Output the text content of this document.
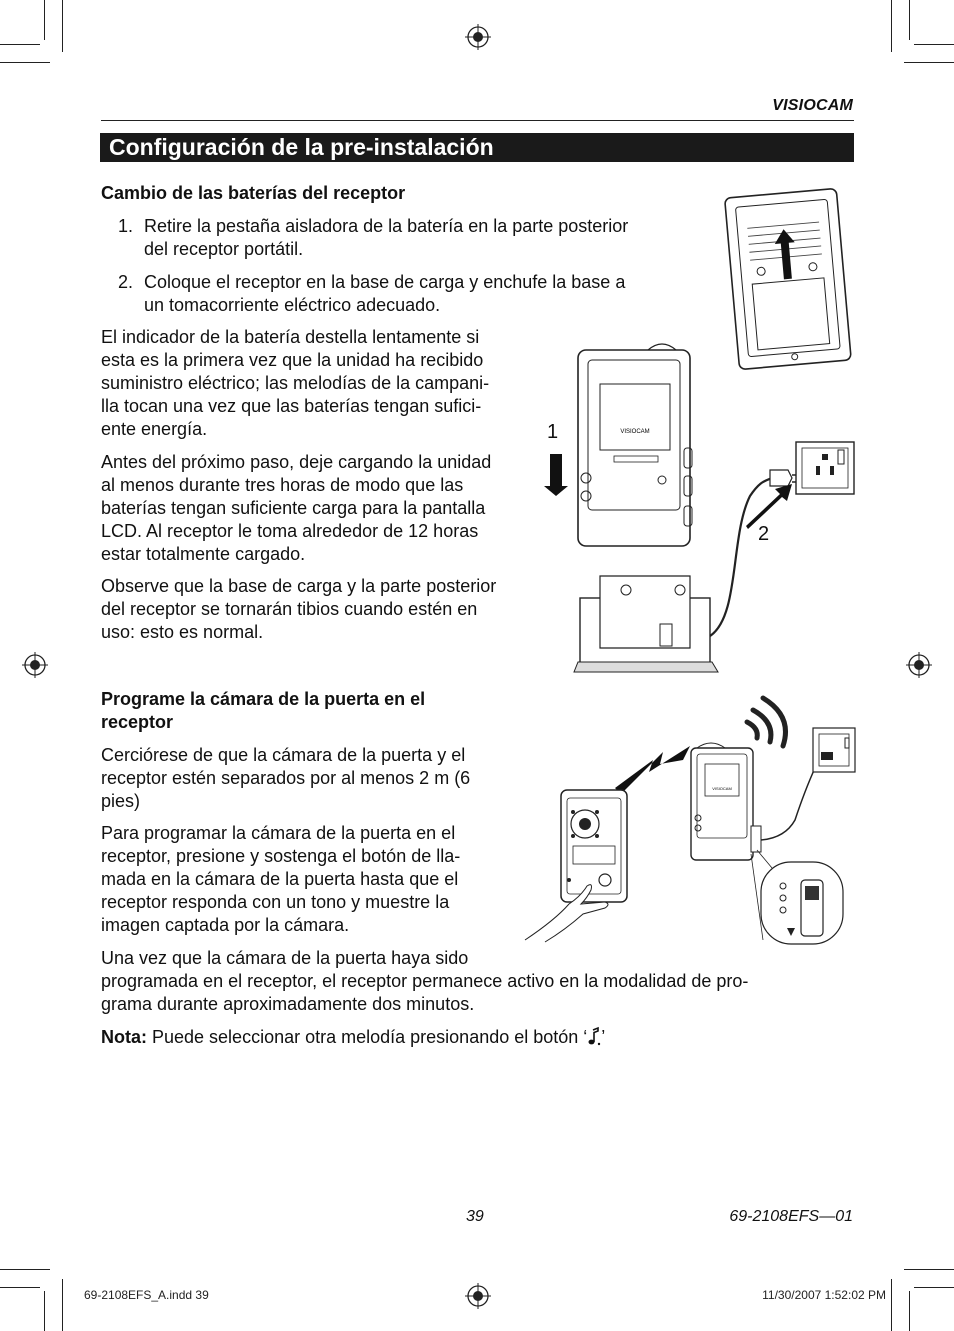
VISIOCAM
Configuración de la pre-instalación
Cambio de las baterías del receptor
1. Retire la pestaña aisladora de la batería en la parte posterior
del receptor portátil.
2. Coloque el receptor en la base de carga y enchufe la base a
un tomacorriente eléctrico adecuado.
El indicador de la batería destella lentamente si
esta es la primera vez que la unidad ha recibido
suministro eléctrico; las melodías de la campani-
lla tocan una vez que las baterías tengan sufici-
ente energía.
Antes del próximo paso, deje cargando la unidad
al menos durante tres horas de modo que las
baterías tengan suficiente carga para la pantalla
LCD. Al receptor le toma alrededor de 12 horas
estar totalmente cargado.
Observe que la base de carga y la parte posterior
del receptor se tornarán tibios cuando estén en
uso: esto es normal.
VISIOCAM
1
2
Programe la cámara de la puerta en el
receptor
Cerciórese de que la cámara de la puerta y el
receptor estén separados por al menos 2 m (6
pies)
Para programar la cámara de la puerta en el
receptor, presione y sostenga el botón de lla-
mada en la cámara de la puerta hasta que el
receptor responda con un tono y muestre la
imagen captada por la cámara.
Una vez que la cámara de la puerta haya sido
programada en el receptor, el receptor permanece activo en la modalidad de pro-
grama durante aproximadamente dos minutos.
Nota: Puede seleccionar otra melodía presionando el botón ‘ ’
VISIOCAM
39	69-2108EFS—01
69-2108EFS_A.indd 39	11/30/2007 1:52:02 PM
